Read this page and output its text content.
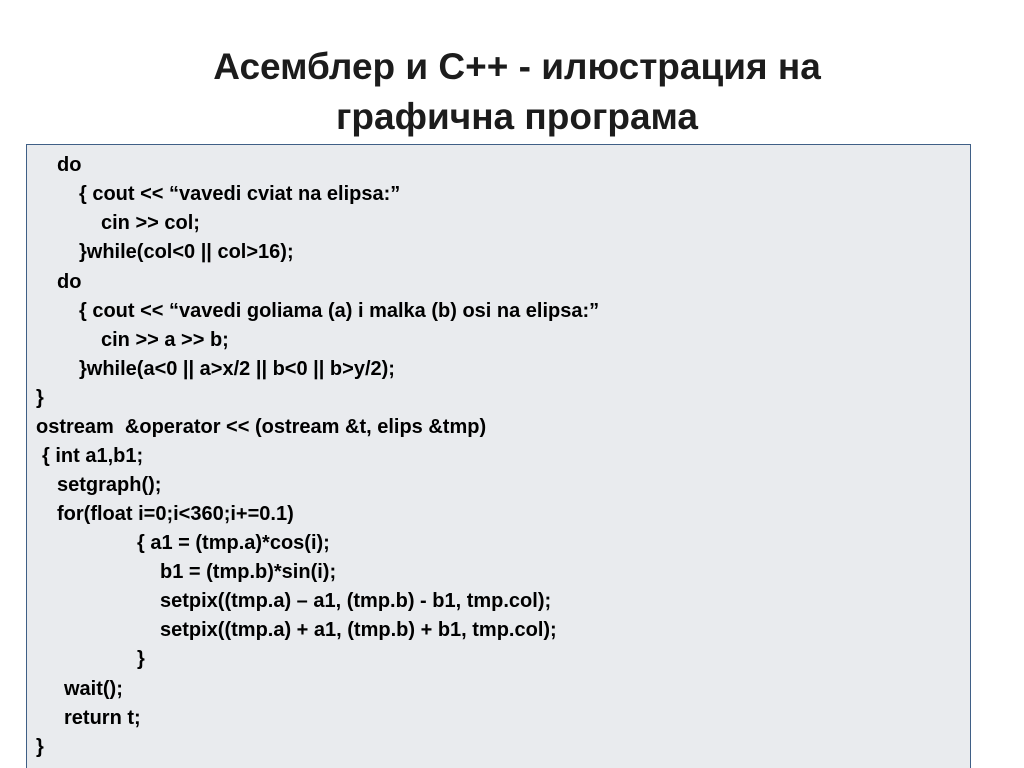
Асемблер и С++ - илюстрация на
графична програма
do
{ cout << “vavedi cviat na elipsa:”
cin >> col;
}while(col<0 || col>16);
do
{ cout << “vavedi goliama (a) i malka (b) osi na elipsa:”
cin >> a >> b;
}while(a<0 || a>x/2 || b<0 || b>y/2);
}
ostream  &operator << (ostream &t, elips &tmp)
{ int a1,b1;
setgraph();
for(float i=0;i<360;i+=0.1)
{ a1 = (tmp.a)*cos(i);
b1 = (tmp.b)*sin(i);
setpix((tmp.a) – a1, (tmp.b) - b1, tmp.col);
setpix((tmp.a) + a1, (tmp.b) + b1, tmp.col);
}
wait();
return t;
}
